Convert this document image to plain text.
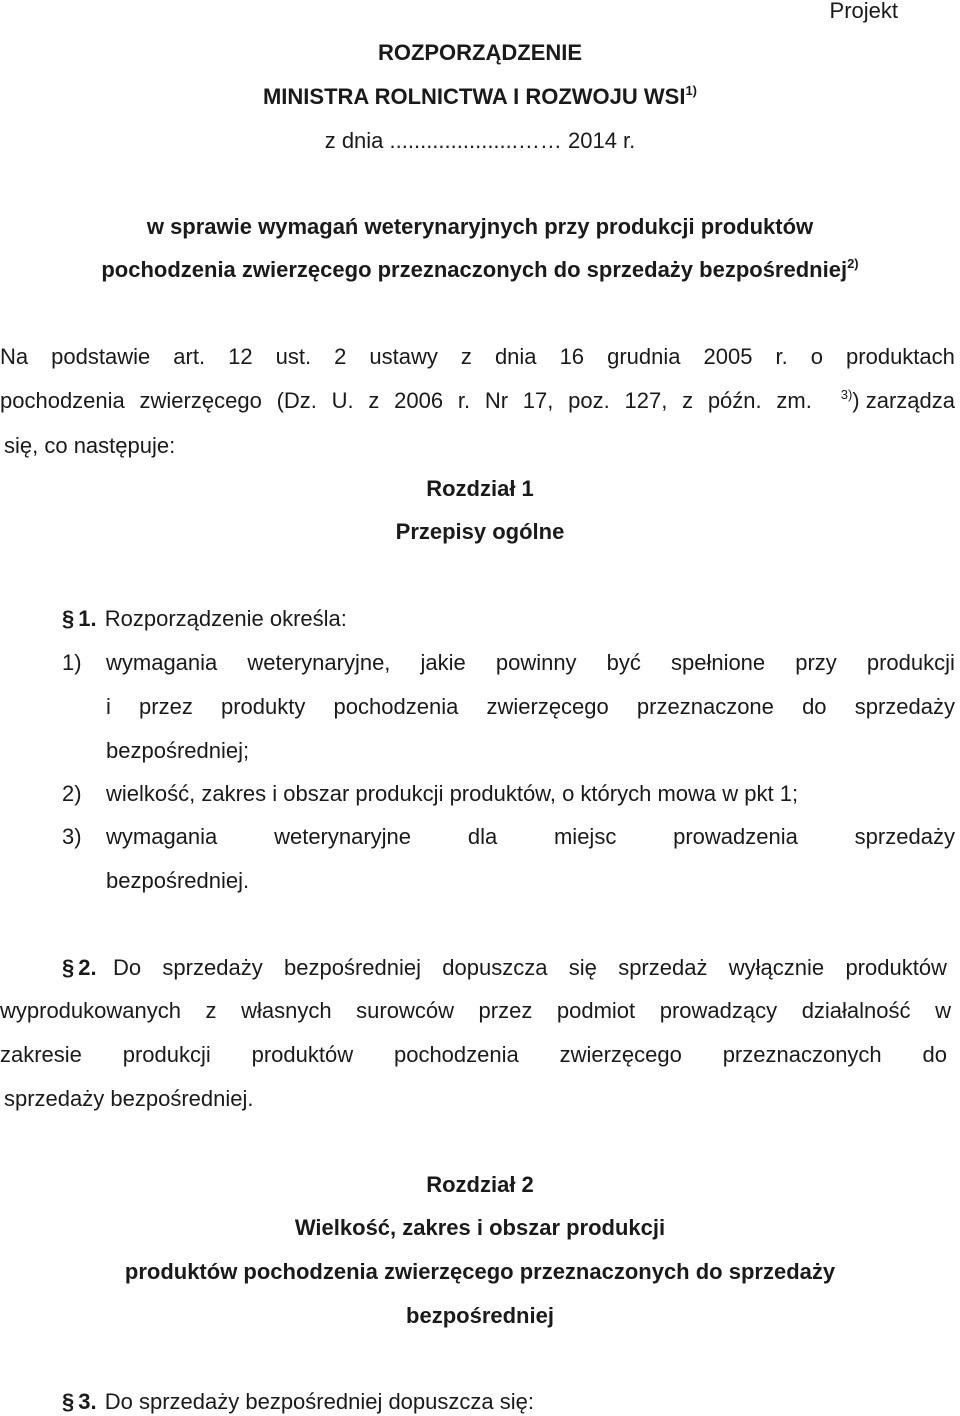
Projekt
ROZPORZĄDZENIE
MINISTRA ROLNICTWA I ROZWOJU WSI$^{1)}$
z dnia .....................…… 2014 r.
w sprawie wymagań weterynaryjnych przy produkcji produktów
pochodzenia zwierzęcego przeznaczonych do sprzedaży bezpośredniej$^{2)}$
Na podstawie art. 12 ust. 2 ustawy z dnia 16 grudnia 2005 r. o produktach
pochodzenia zwierzęcego (Dz. U. z 2006 r. Nr 17, poz. 127, z późn. zm. $^{3)}$) zarządza
się, co następuje:
Rozdział 1
Przepisy ogólne
§ 1. Rozporządzenie określa:
1) wymagania weterynaryjne, jakie powinny być spełnione przy produkcji
i przez produkty pochodzenia zwierzęcego przeznaczone do sprzedaży
bezpośredniej;
2) wielkość, zakres i obszar produkcji produktów, o których mowa w pkt 1;
3) wymagania	weterynaryjne	dla	miejsc	prowadzenia	sprzedaży
bezpośredniej.
§ 2. Do sprzedaży bezpośredniej dopuszcza się sprzedaż wyłącznie produktów
wyprodukowanych z własnych surowców przez podmiot prowadzący działalność w
zakresie produkcji produktów pochodzenia zwierzęcego przeznaczonych do
sprzedaży bezpośredniej.
Rozdział 2
Wielkość, zakres i obszar produkcji
produktów pochodzenia zwierzęcego przeznaczonych do sprzedaży
bezpośredniej
§ 3. Do sprzedaży bezpośredniej dopuszcza się:
